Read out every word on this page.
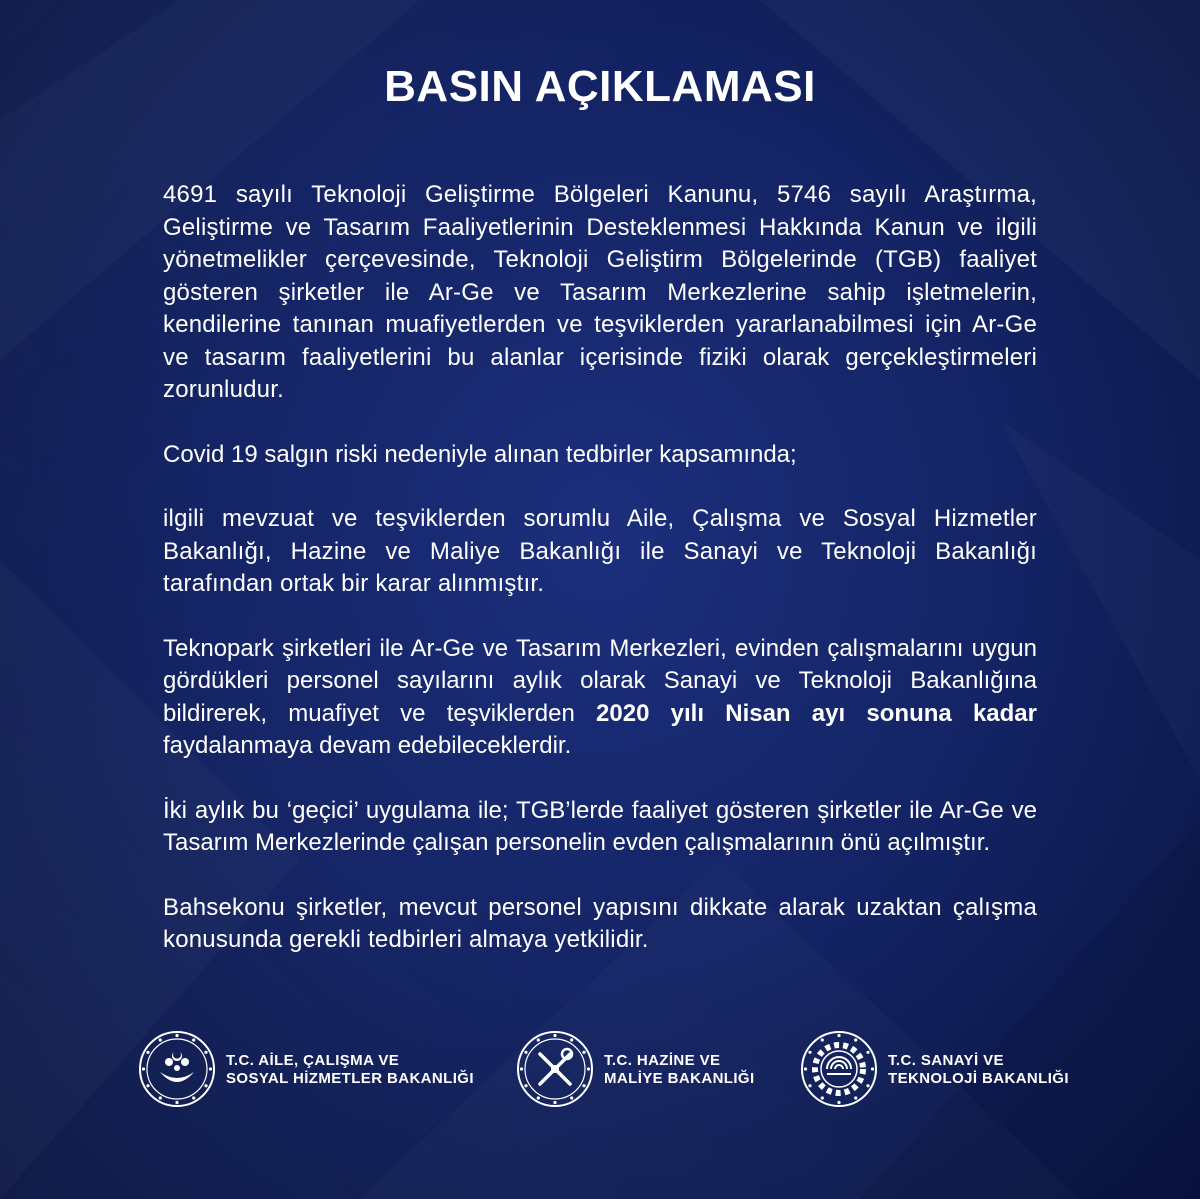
BASIN AÇIKLAMASI

4691 sayılı Teknoloji Geliştirme Bölgeleri Kanunu, 5746 sayılı Araştırma, Geliştirme ve Tasarım Faaliyetlerinin Desteklenmesi Hakkında Kanun ve ilgili yönetmelikler çerçevesinde, Teknoloji Geliştirm Bölgelerinde (TGB) faaliyet gösteren şirketler ile Ar-Ge ve Tasarım Merkezlerine sahip işletmelerin, kendilerine tanınan muafiyetlerden ve teşviklerden yararlanabilmesi için Ar-Ge ve tasarım faaliyetlerini bu alanlar içerisinde fiziki olarak gerçekleştirmeleri zorunludur.

Covid 19 salgın riski nedeniyle alınan tedbirler kapsamında;

ilgili mevzuat ve teşviklerden sorumlu Aile, Çalışma ve Sosyal Hizmetler Bakanlığı, Hazine ve Maliye Bakanlığı ile Sanayi ve Teknoloji Bakanlığı tarafından ortak bir karar alınmıştır.

Teknopark şirketleri ile Ar-Ge ve Tasarım Merkezleri, evinden çalışmalarını uygun gördükleri personel sayılarını aylık olarak Sanayi ve Teknoloji Bakanlığına bildirerek, muafiyet ve teşviklerden 2020 yılı Nisan ayı sonuna kadar faydalanmaya devam edebileceklerdir.

İki aylık bu ‘geçici’ uygulama ile; TGB’lerde faaliyet gösteren şirketler ile Ar-Ge ve Tasarım Merkezlerinde çalışan personelin evden çalışmalarının önü açılmıştır.

Bahsekonu şirketler, mevcut personel yapısını dikkate alarak uzaktan çalışma konusunda gerekli tedbirleri almaya yetkilidir.

T.C. AİLE, ÇALIŞMA VE
SOSYAL HİZMETLER BAKANLIĞI
T.C. HAZİNE VE
MALİYE BAKANLIĞI
T.C. SANAYİ VE
TEKNOLOJİ BAKANLIĞI
